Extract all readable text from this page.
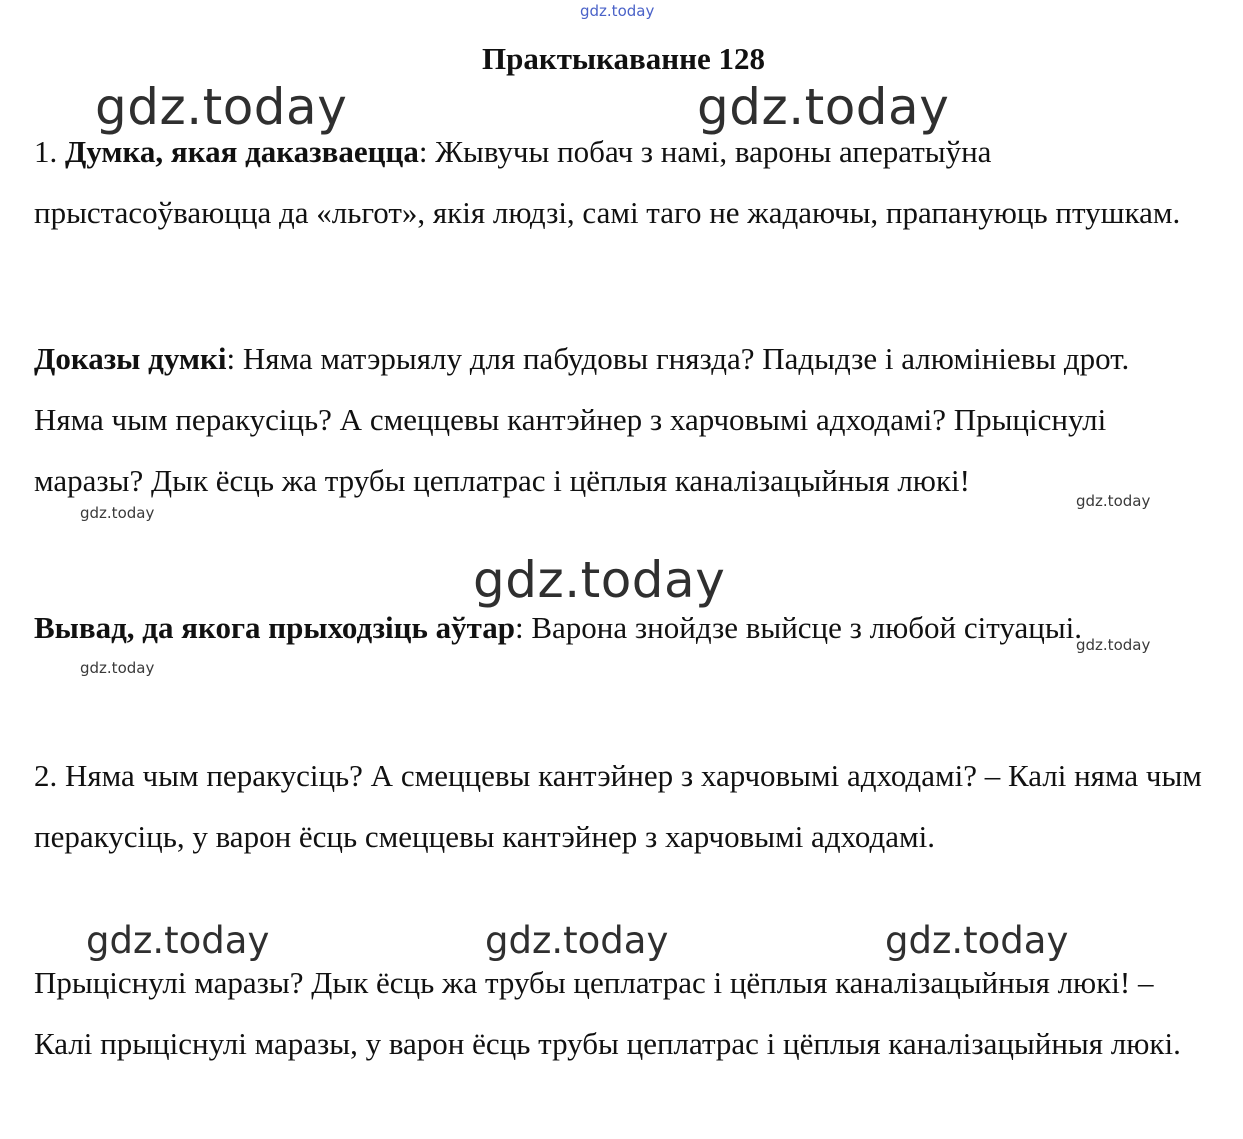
gdz.today
Практыкаванне 128
gdz.today	gdz.today

1. Думка, якая даказваецца: Жывучы побач з намі, вароны аператыўна прыстасоўваюцца да «льгот», якія людзі, самі таго не жадаючы, прапануюць птушкам.

Доказы думкі: Няма матэрыялу для пабудовы гнязда? Падыдзе і алюмініевы дрот. Няма чым перакусіць? А смеццевы кантэйнер з харчовымі адходамі? Прыціснулі маразы? Дык ёсць жа трубы цеплатрас і цёплыя каналізацыйныя люкі!

gdz.today
gdz.today
gdz.today

Вывад, да якога прыходзіць аўтар: Варона знойдзе выйсце з любой сітуацыі.

gdz.today
gdz.today

2. Няма чым перакусіць? А смеццевы кантэйнер з харчовымі адходамі? – Калі няма чым перакусіць, у варон ёсць смеццевы кантэйнер з харчовымі адходамі.

gdz.today	gdz.today	gdz.today

Прыціснулі маразы? Дык ёсць жа трубы цеплатрас і цёплыя каналізацыйныя люкі! – Калі прыціснулі маразы, у варон ёсць трубы цеплатрас і цёплыя каналізацыйныя люкі.
